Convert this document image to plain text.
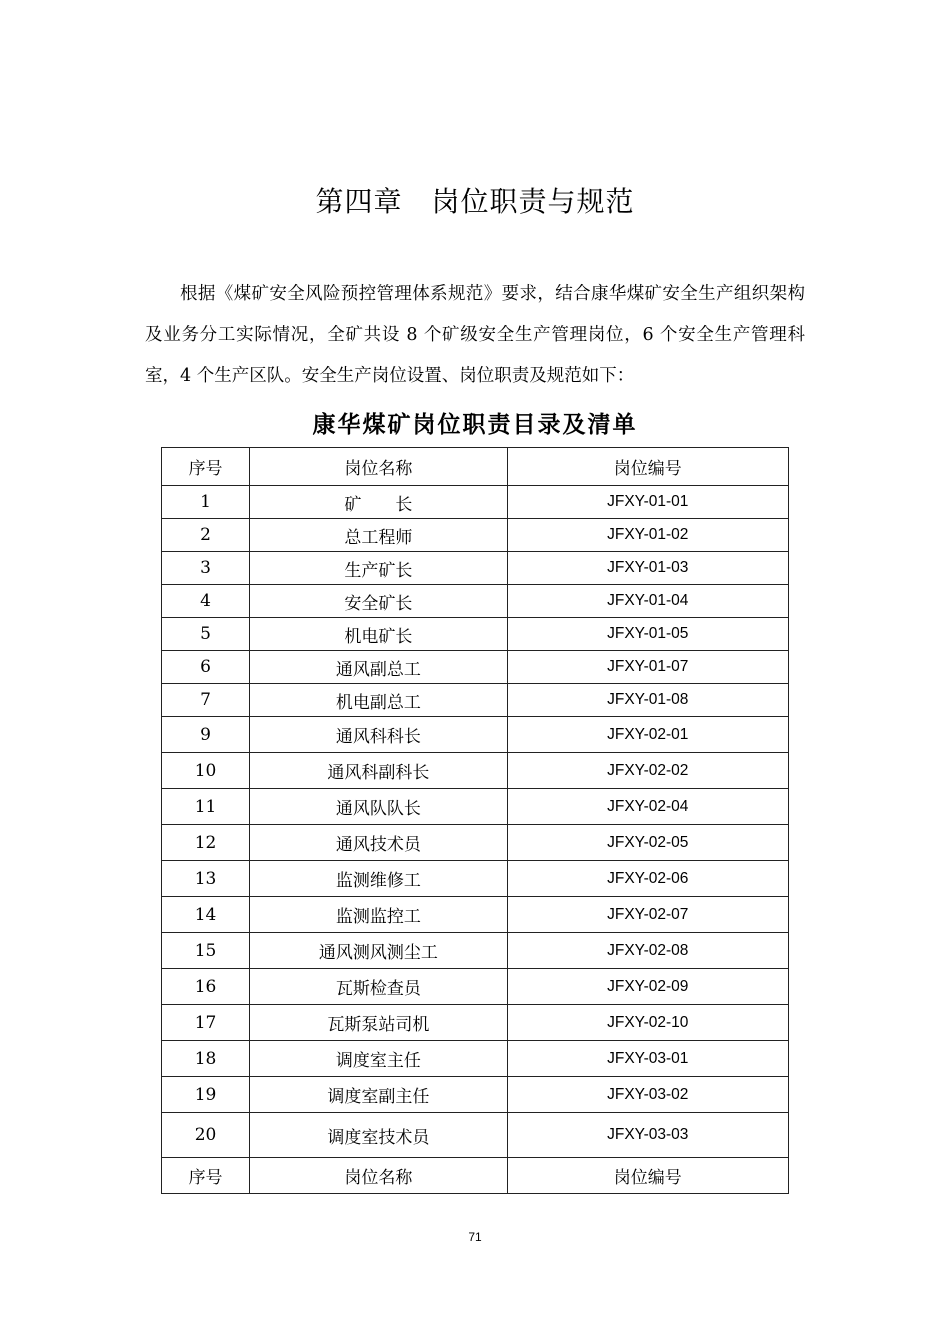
第四章　岗位职责与规范

根据《煤矿安全风险预控管理体系规范》要求，结合康华煤矿安全生产组织架构及业务分工实际情况，全矿共设 8 个矿级安全生产管理岗位，6 个安全生产管理科室，4 个生产区队。安全生产岗位设置、岗位职责及规范如下：

康华煤矿岗位职责目录及清单
序号	岗位名称	岗位编号
1	矿　　长	JFXY-01-01
2	总工程师	JFXY-01-02
3	生产矿长	JFXY-01-03
4	安全矿长	JFXY-01-04
5	机电矿长	JFXY-01-05
6	通风副总工	JFXY-01-07
7	机电副总工	JFXY-01-08
9	通风科科长	JFXY-02-01
10	通风科副科长	JFXY-02-02
11	通风队队长	JFXY-02-04
12	通风技术员	JFXY-02-05
13	监测维修工	JFXY-02-06
14	监测监控工	JFXY-02-07
15	通风测风测尘工	JFXY-02-08
16	瓦斯检查员	JFXY-02-09
17	瓦斯泵站司机	JFXY-02-10
18	调度室主任	JFXY-03-01
19	调度室副主任	JFXY-03-02
20	调度室技术员	JFXY-03-03
序号	岗位名称	岗位编号
71
